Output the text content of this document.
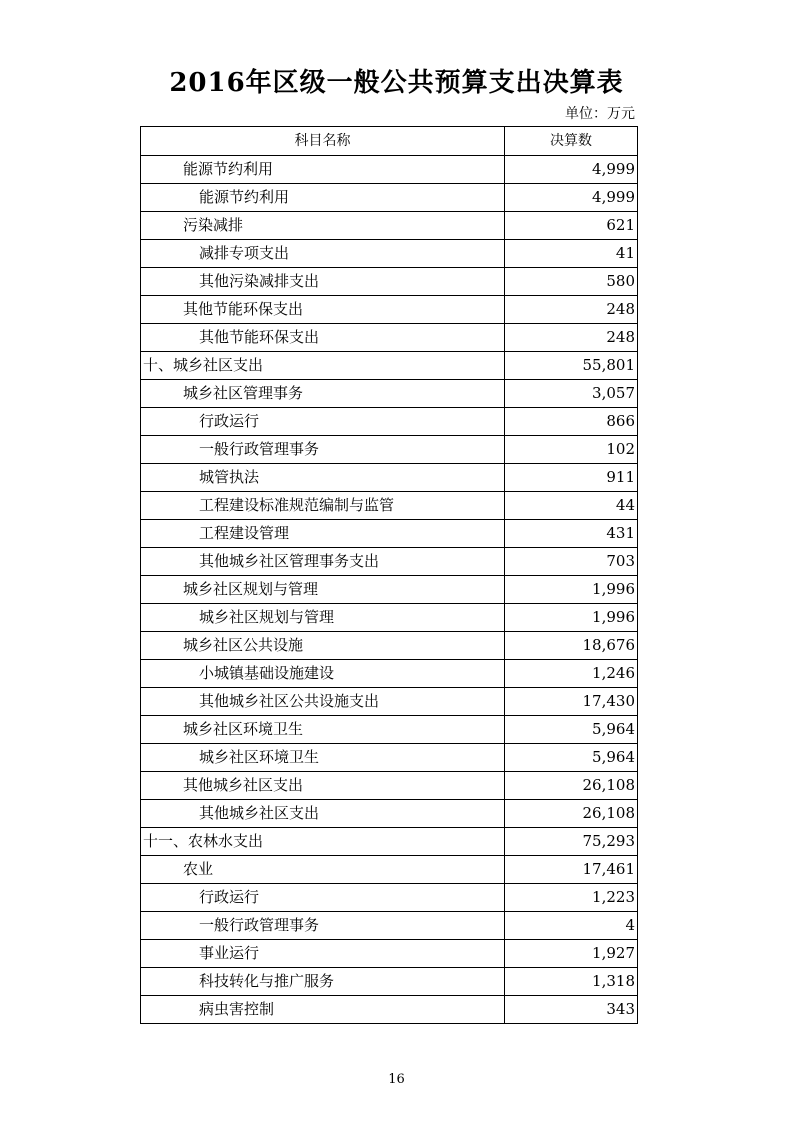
2016年区级一般公共预算支出决算表
单位：万元
科目名称	决算数
能源节约利用	4,999
能源节约利用	4,999
污染减排	621
减排专项支出	41
其他污染减排支出	580
其他节能环保支出	248
其他节能环保支出	248
十、城乡社区支出	55,801
城乡社区管理事务	3,057
行政运行	866
一般行政管理事务	102
城管执法	911
工程建设标准规范编制与监管	44
工程建设管理	431
其他城乡社区管理事务支出	703
城乡社区规划与管理	1,996
城乡社区规划与管理	1,996
城乡社区公共设施	18,676
小城镇基础设施建设	1,246
其他城乡社区公共设施支出	17,430
城乡社区环境卫生	5,964
城乡社区环境卫生	5,964
其他城乡社区支出	26,108
其他城乡社区支出	26,108
十一、农林水支出	75,293
农业	17,461
行政运行	1,223
一般行政管理事务	4
事业运行	1,927
科技转化与推广服务	1,318
病虫害控制	343
16
